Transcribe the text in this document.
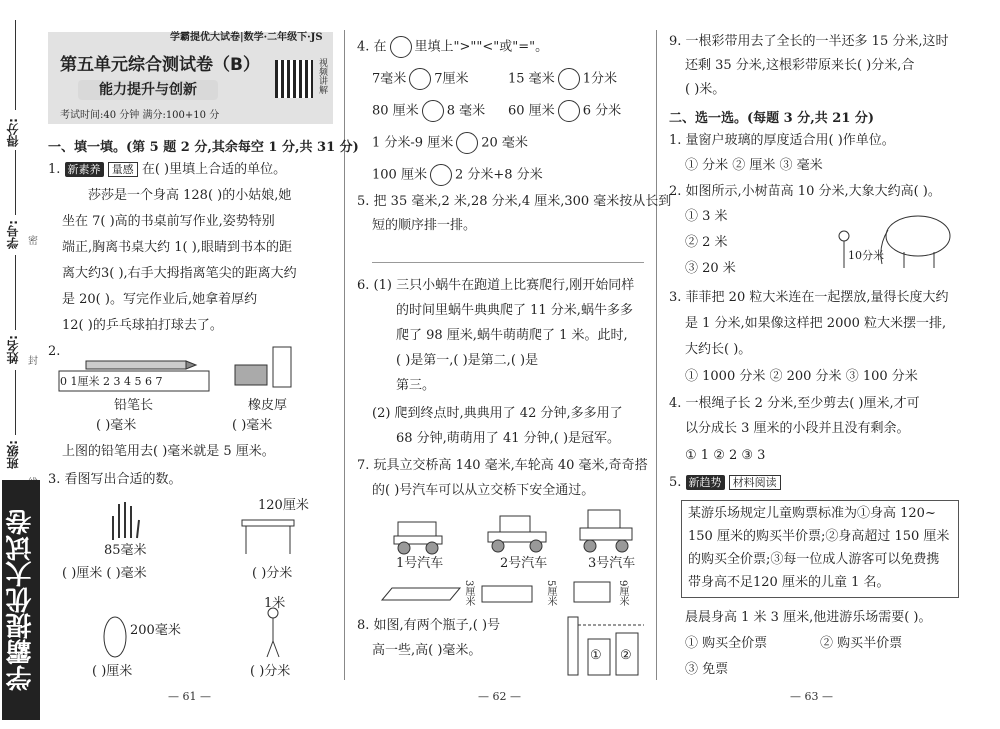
得分:
学号:
姓名:
班级:
密
封
学霸提优大试卷
学霸提优大试卷|数学·二年级下·JS
第五单元综合测试卷（B）
能力提升与创新
考试时间:40 分钟 满分:100+10 分
视频讲解
一、填一填。(第 5 题 2 分,其余每空 1 分,共 31 分)
1. 新素养 量感 在( )里填上合适的单位。
莎莎是一个身高 128( )的小姑娘,她
坐在 7( )高的书桌前写作业,姿势特别
端正,胸离书桌大约 1( ),眼睛到书本的距
离大约3( ),右手大拇指离笔尖的距离大约
是 20( )。写完作业后,她拿着厚约
12( )的乒乓球拍打球去了。
2.
0 1厘米 2 3 4 5 6 7
铅笔长	橡皮厚
( )毫米	( )毫米
上图的铅笔用去( )毫米就是 5 厘米。
3. 看图写出合适的数。
85毫米
( )厘米 ( )毫米
120厘米
( )分米
200毫米
( )厘米
1米
( )分米
— 61 —
4. 在 里填上">""<"或"="。
7毫米 7厘米	15 毫米 1分米
80 厘米 8 毫米 60 厘米 6 分米
1 分米-9 厘米 20 毫米
100 厘米 2 分米+8 分米
5. 把 35 毫米,2 米,28 分米,4 厘米,300 毫米按从长到
短的顺序排一排。
6. (1) 三只小蜗牛在跑道上比赛爬行,刚开始同样
的时间里蜗牛典典爬了 11 分米,蜗牛多多
爬了 98 厘米,蜗牛萌萌爬了 1 米。此时,
( )是第一,( )是第二,( )是
第三。
(2) 爬到终点时,典典用了 42 分钟,多多用了
68 分钟,萌萌用了 41 分钟,( )是冠军。
7. 玩具立交桥高 140 毫米,车轮高 40 毫米,奇奇搭
的( )号汽车可以从立交桥下安全通过。
1号汽车	2号汽车	3号汽车
3厘米	5厘米	9厘米
8. 如图,有两个瓶子,( )号
高一些,高( )毫米。	① ②
— 62 —
9. 一根彩带用去了全长的一半还多 15 分米,这时
还剩 35 分米,这根彩带原来长( )分米,合
( )米。
二、选一选。(每题 3 分,共 21 分)
1. 量窗户玻璃的厚度适合用( )作单位。
① 分米 ② 厘米 ③ 毫米
2. 如图所示,小树苗高 10 分米,大象大约高( )。
① 3 米
② 2 米
③ 20 米
10分米
3. 菲菲把 20 粒大米连在一起摆放,量得长度大约
是 1 分米,如果像这样把 2000 粒大米摆一排,
大约长( )。
① 1000 分米 ② 200 分米 ③ 100 分米
4. 一根绳子长 2 分米,至少剪去( )厘米,才可
以分成长 3 厘米的小段并且没有剩余。
① 1 ② 2 ③ 3
5. 新趋势 材料阅读
某游乐场规定儿童购票标准为①身高 120~
150 厘米的购买半价票;②身高超过 150 厘米
的购买全价票;③每一位成人游客可以免费携
带身高不足120 厘米的儿童 1 名。
晨晨身高 1 米 3 厘米,他进游乐场需要( )。
① 购买全价票	② 购买半价票
③ 免票
— 63 —
